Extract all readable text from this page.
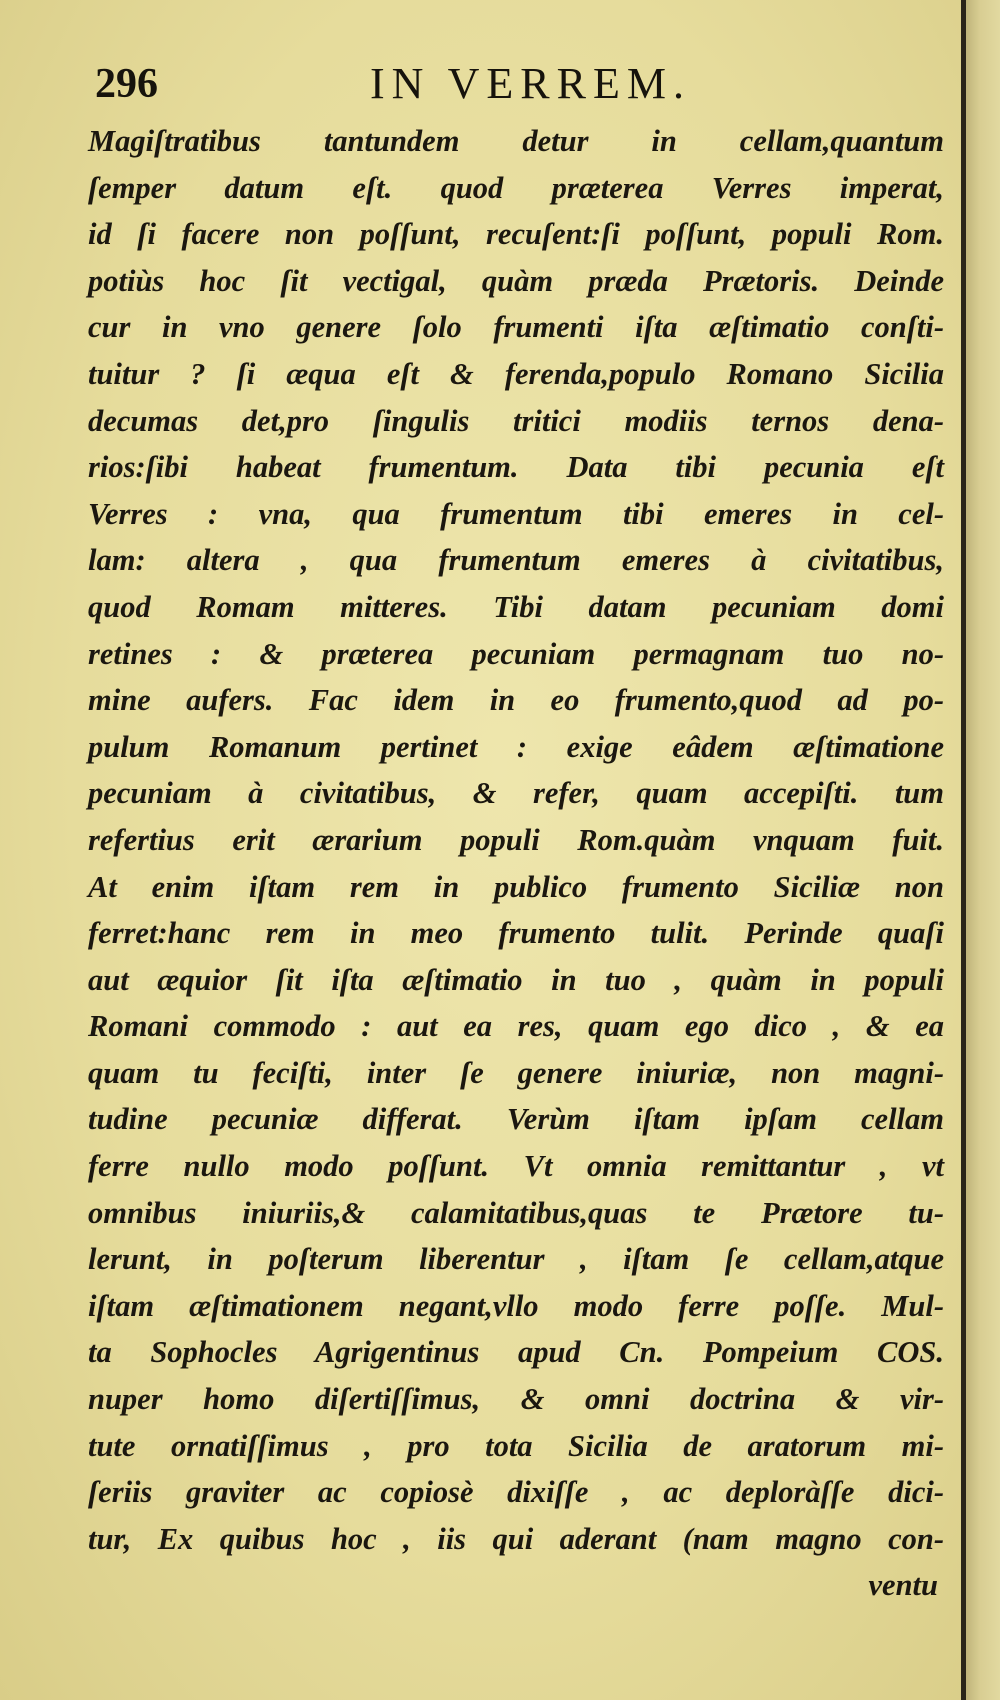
296	IN VERREM.
Magiſtratibus tantundem detur in cellam,quantum
ſemper datum eſt. quod præterea Verres imperat,
id ſi facere non poſſunt, recuſent:ſi poſſunt, populi Rom.
potiùs hoc ſit vectigal, quàm præda Prætoris. Deinde
cur in vno genere ſolo frumenti iſta æſtimatio conſti-
tuitur ? ſi æqua eſt & ferenda,populo Romano Sicilia
decumas det,pro ſingulis tritici modiis ternos dena-
rios:ſibi habeat frumentum. Data tibi pecunia eſt
Verres : vna, qua frumentum tibi emeres in cel-
lam: altera , qua frumentum emeres à civitatibus,
quod Romam mitteres. Tibi datam pecuniam domi
retines : & præterea pecuniam permagnam tuo no-
mine aufers. Fac idem in eo frumento,quod ad po-
pulum Romanum pertinet : exige eâdem æſtimatione
pecuniam à civitatibus, & refer, quam accepiſti. tum
refertius erit ærarium populi Rom.quàm vnquam fuit.
At enim iſtam rem in publico frumento Siciliæ non
ferret:hanc rem in meo frumento tulit. Perinde quaſi
aut æquior ſit iſta æſtimatio in tuo , quàm in populi
Romani commodo : aut ea res, quam ego dico , & ea
quam tu feciſti, inter ſe genere iniuriæ, non magni-
tudine pecuniæ differat. Verùm iſtam ipſam cellam
ferre nullo modo poſſunt. Vt omnia remittantur , vt
omnibus iniuriis,& calamitatibus,quas te Prætore tu-
lerunt, in poſterum liberentur , iſtam ſe cellam,atque
iſtam æſtimationem negant,vllo modo ferre poſſe. Mul-
ta Sophocles Agrigentinus apud Cn. Pompeium COS.
nuper homo diſertiſſimus, & omni doctrina & vir-
tute ornatiſſimus , pro tota Sicilia de aratorum mi-
ſeriis graviter ac copiosè dixiſſe , ac deploràſſe dici-
tur, Ex quibus hoc , iis qui aderant (nam magno con-
ventu
